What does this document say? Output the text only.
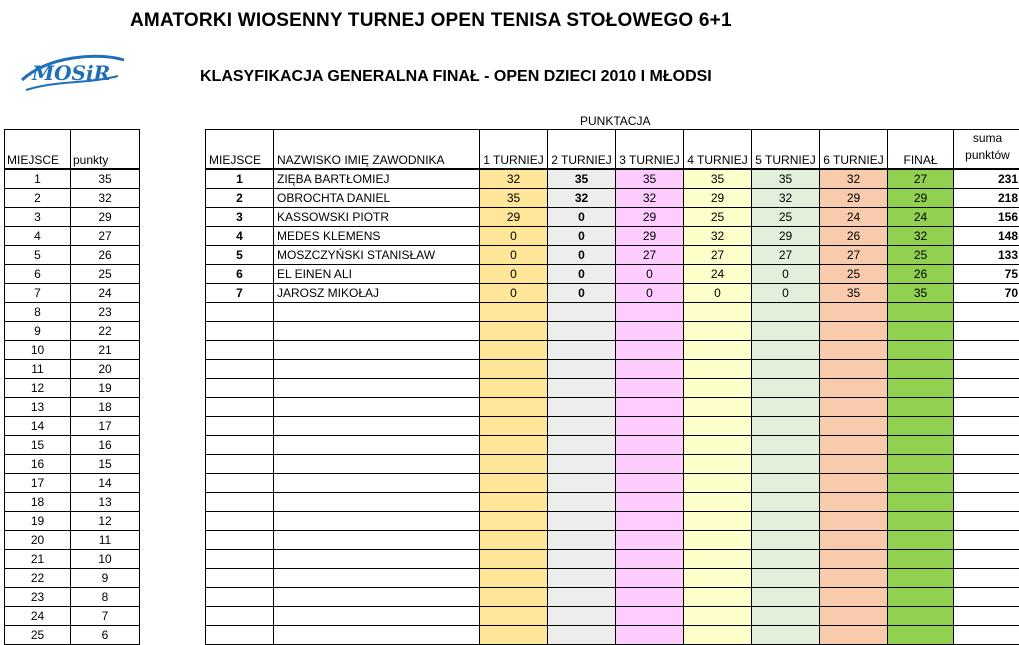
AMATORKI WIOSENNY TURNEJ OPEN TENISA STOŁOWEGO 6+1
MOSiR	KLASYFIKACJA GENERALNA FINAŁ - OPEN DZIECI 2010 I MŁODSI
PUNKTACJA
MIEJSCE	punkty
1	35
2	32
3	29
4	27
5	26
6	25
7	24
8	23
9	22
10	21
11	20
12	19
13	18
14	17
15	16
16	15
17	14
18	13
19	12
20	11
21	10
22	9
23	8
24	7
25	6
MIEJSCE	NAZWISKO IMIĘ ZAWODNIKA	1 TURNIEJ	2 TURNIEJ	3 TURNIEJ	4 TURNIEJ	5 TURNIEJ	6 TURNIEJ	FINAŁ	suma
punktów
1	ZIĘBA BARTŁOMIEJ	32	35	35	35	35	32	27	231
2	OBROCHTA DANIEL	35	32	32	29	32	29	29	218
3	KASSOWSKI PIOTR	29	0	29	25	25	24	24	156
4	MEDES KLEMENS	0	0	29	32	29	26	32	148
5	MOSZCZYŃSKI STANISŁAW	0	0	27	27	27	27	25	133
6	EL EINEN ALI	0	0	0	24	0	25	26	75
7	JAROSZ MIKOŁAJ	0	0	0	0	0	35	35	70
